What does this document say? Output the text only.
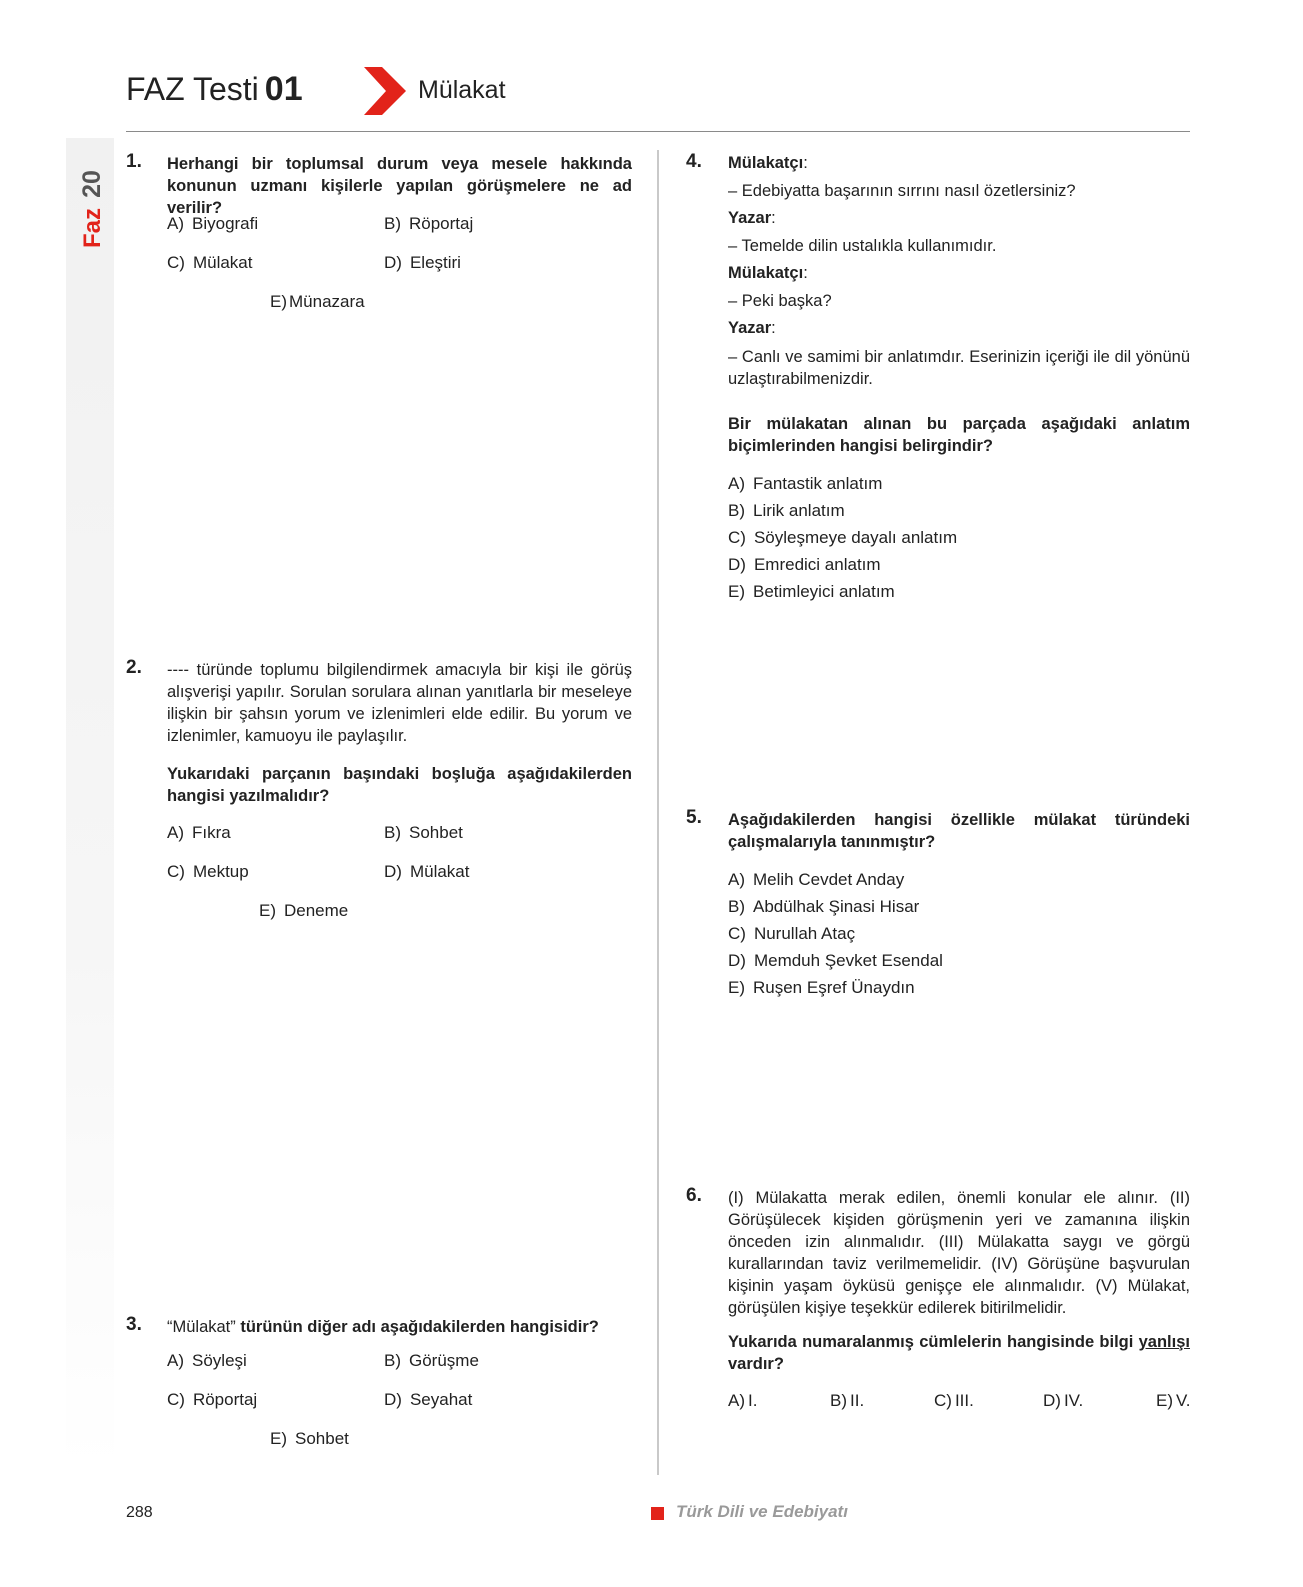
FAZ Testi 01	Mülakat
20
Faz
1. Herhangi bir toplumsal durum veya mesele hakkında konunun uzmanı kişilerle yapılan görüşmelere ne ad verilir?
A) Biyografi	B) Röportaj
C) Mülakat	D) Eleştiri
E) Münazara
2. ---- türünde toplumu bilgilendirmek amacıyla bir kişi ile görüş alışverişi yapılır. Sorulan sorulara alınan yanıtlarla bir meseleye ilişkin bir şahsın yorum ve izlenimleri elde edilir. Bu yorum ve izlenimler, kamuoyu ile paylaşılır.
Yukarıdaki parçanın başındaki boşluğa aşağıdakilerden hangisi yazılmalıdır?
A) Fıkra	B) Sohbet
C) Mektup	D) Mülakat
E) Deneme
3. “Mülakat” türünün diğer adı aşağıdakilerden hangisidir?
A) Söyleşi	B) Görüşme
C) Röportaj	D) Seyahat
E) Sohbet
4. Mülakatçı:
– Edebiyatta başarının sırrını nasıl özetlersiniz?
Yazar:
– Temelde dilin ustalıkla kullanımıdır.
Mülakatçı:
– Peki başka?
Yazar:
– Canlı ve samimi bir anlatımdır. Eserinizin içeriği ile dil yönünü uzlaştırabilmenizdir.
Bir mülakatan alınan bu parçada aşağıdaki anlatım biçimlerinden hangisi belirgindir?
A) Fantastik anlatım
B) Lirik anlatım
C) Söyleşmeye dayalı anlatım
D) Emredici anlatım
E) Betimleyici anlatım
5. Aşağıdakilerden hangisi özellikle mülakat türündeki çalışmalarıyla tanınmıştır?
A) Melih Cevdet Anday
B) Abdülhak Şinasi Hisar
C) Nurullah Ataç
D) Memduh Şevket Esendal
E) Ruşen Eşref Ünaydın
6. (I) Mülakatta merak edilen, önemli konular ele alınır. (II) Görüşülecek kişiden görüşmenin yeri ve zamanına ilişkin önceden izin alınmalıdır. (III) Mülakatta saygı ve görgü kurallarından taviz verilmemelidir. (IV) Görüşüne başvurulan kişinin yaşam öyküsü genişçe ele alınmalıdır. (V) Mülakat, görüşülen kişiye teşekkür edilerek bitirilmelidir.
Yukarıda numaralanmış cümlelerin hangisinde bilgi yanlışı vardır?
A) I.	B) II.	C) III.	D) IV.	E) V.
288	Türk Dili ve Edebiyatı
